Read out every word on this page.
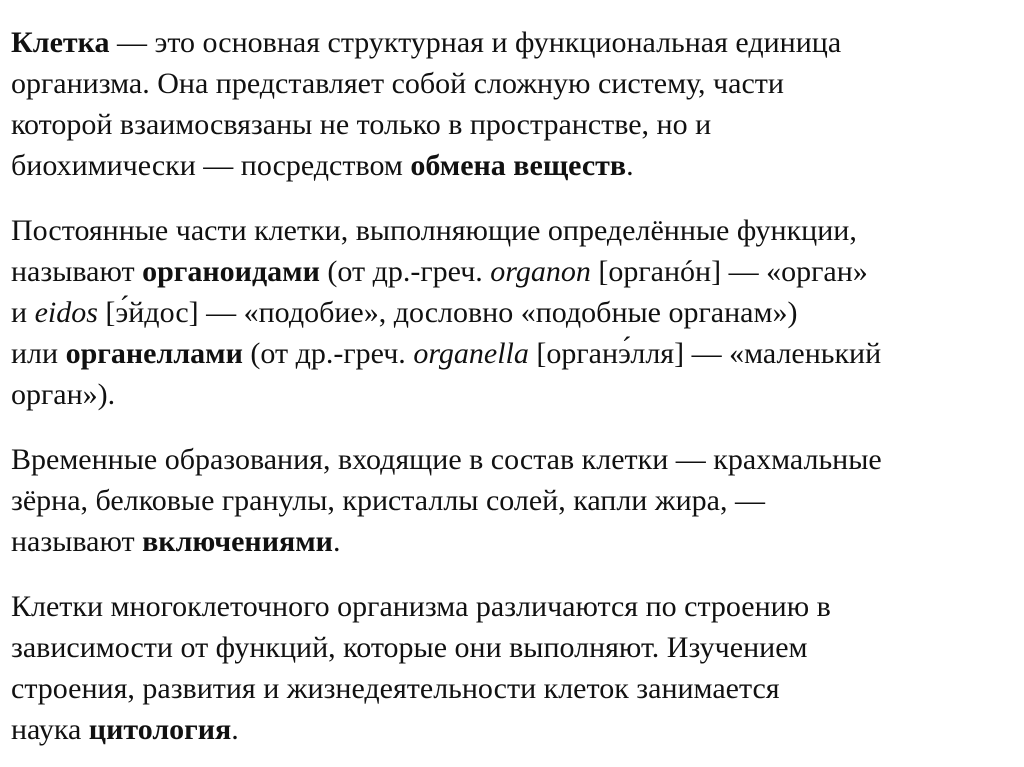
Клетка — это основная структурная и функциональная единица
организма. Она представляет собой сложную систему, части
которой взаимосвязаны не только в пространстве, но и
биохимически — посредством обмена веществ.

Постоянные части клетки, выполняющие определённые функции,
называют органоидами (от др.-греч. organon [органóн] — «орган»
и eidos [э́йдос] — «подобие», дословно «подобные органам»)
или органеллами (от др.-греч. organella [органэ́лля] — «маленький
орган»).

Временные образования, входящие в состав клетки — крахмальные
зёрна, белковые гранулы, кристаллы солей, капли жира, —
называют включениями.

Клетки многоклеточного организма различаются по строению в
зависимости от функций, которые они выполняют. Изучением
строения, развития и жизнедеятельности клеток занимается
наука цитология.
